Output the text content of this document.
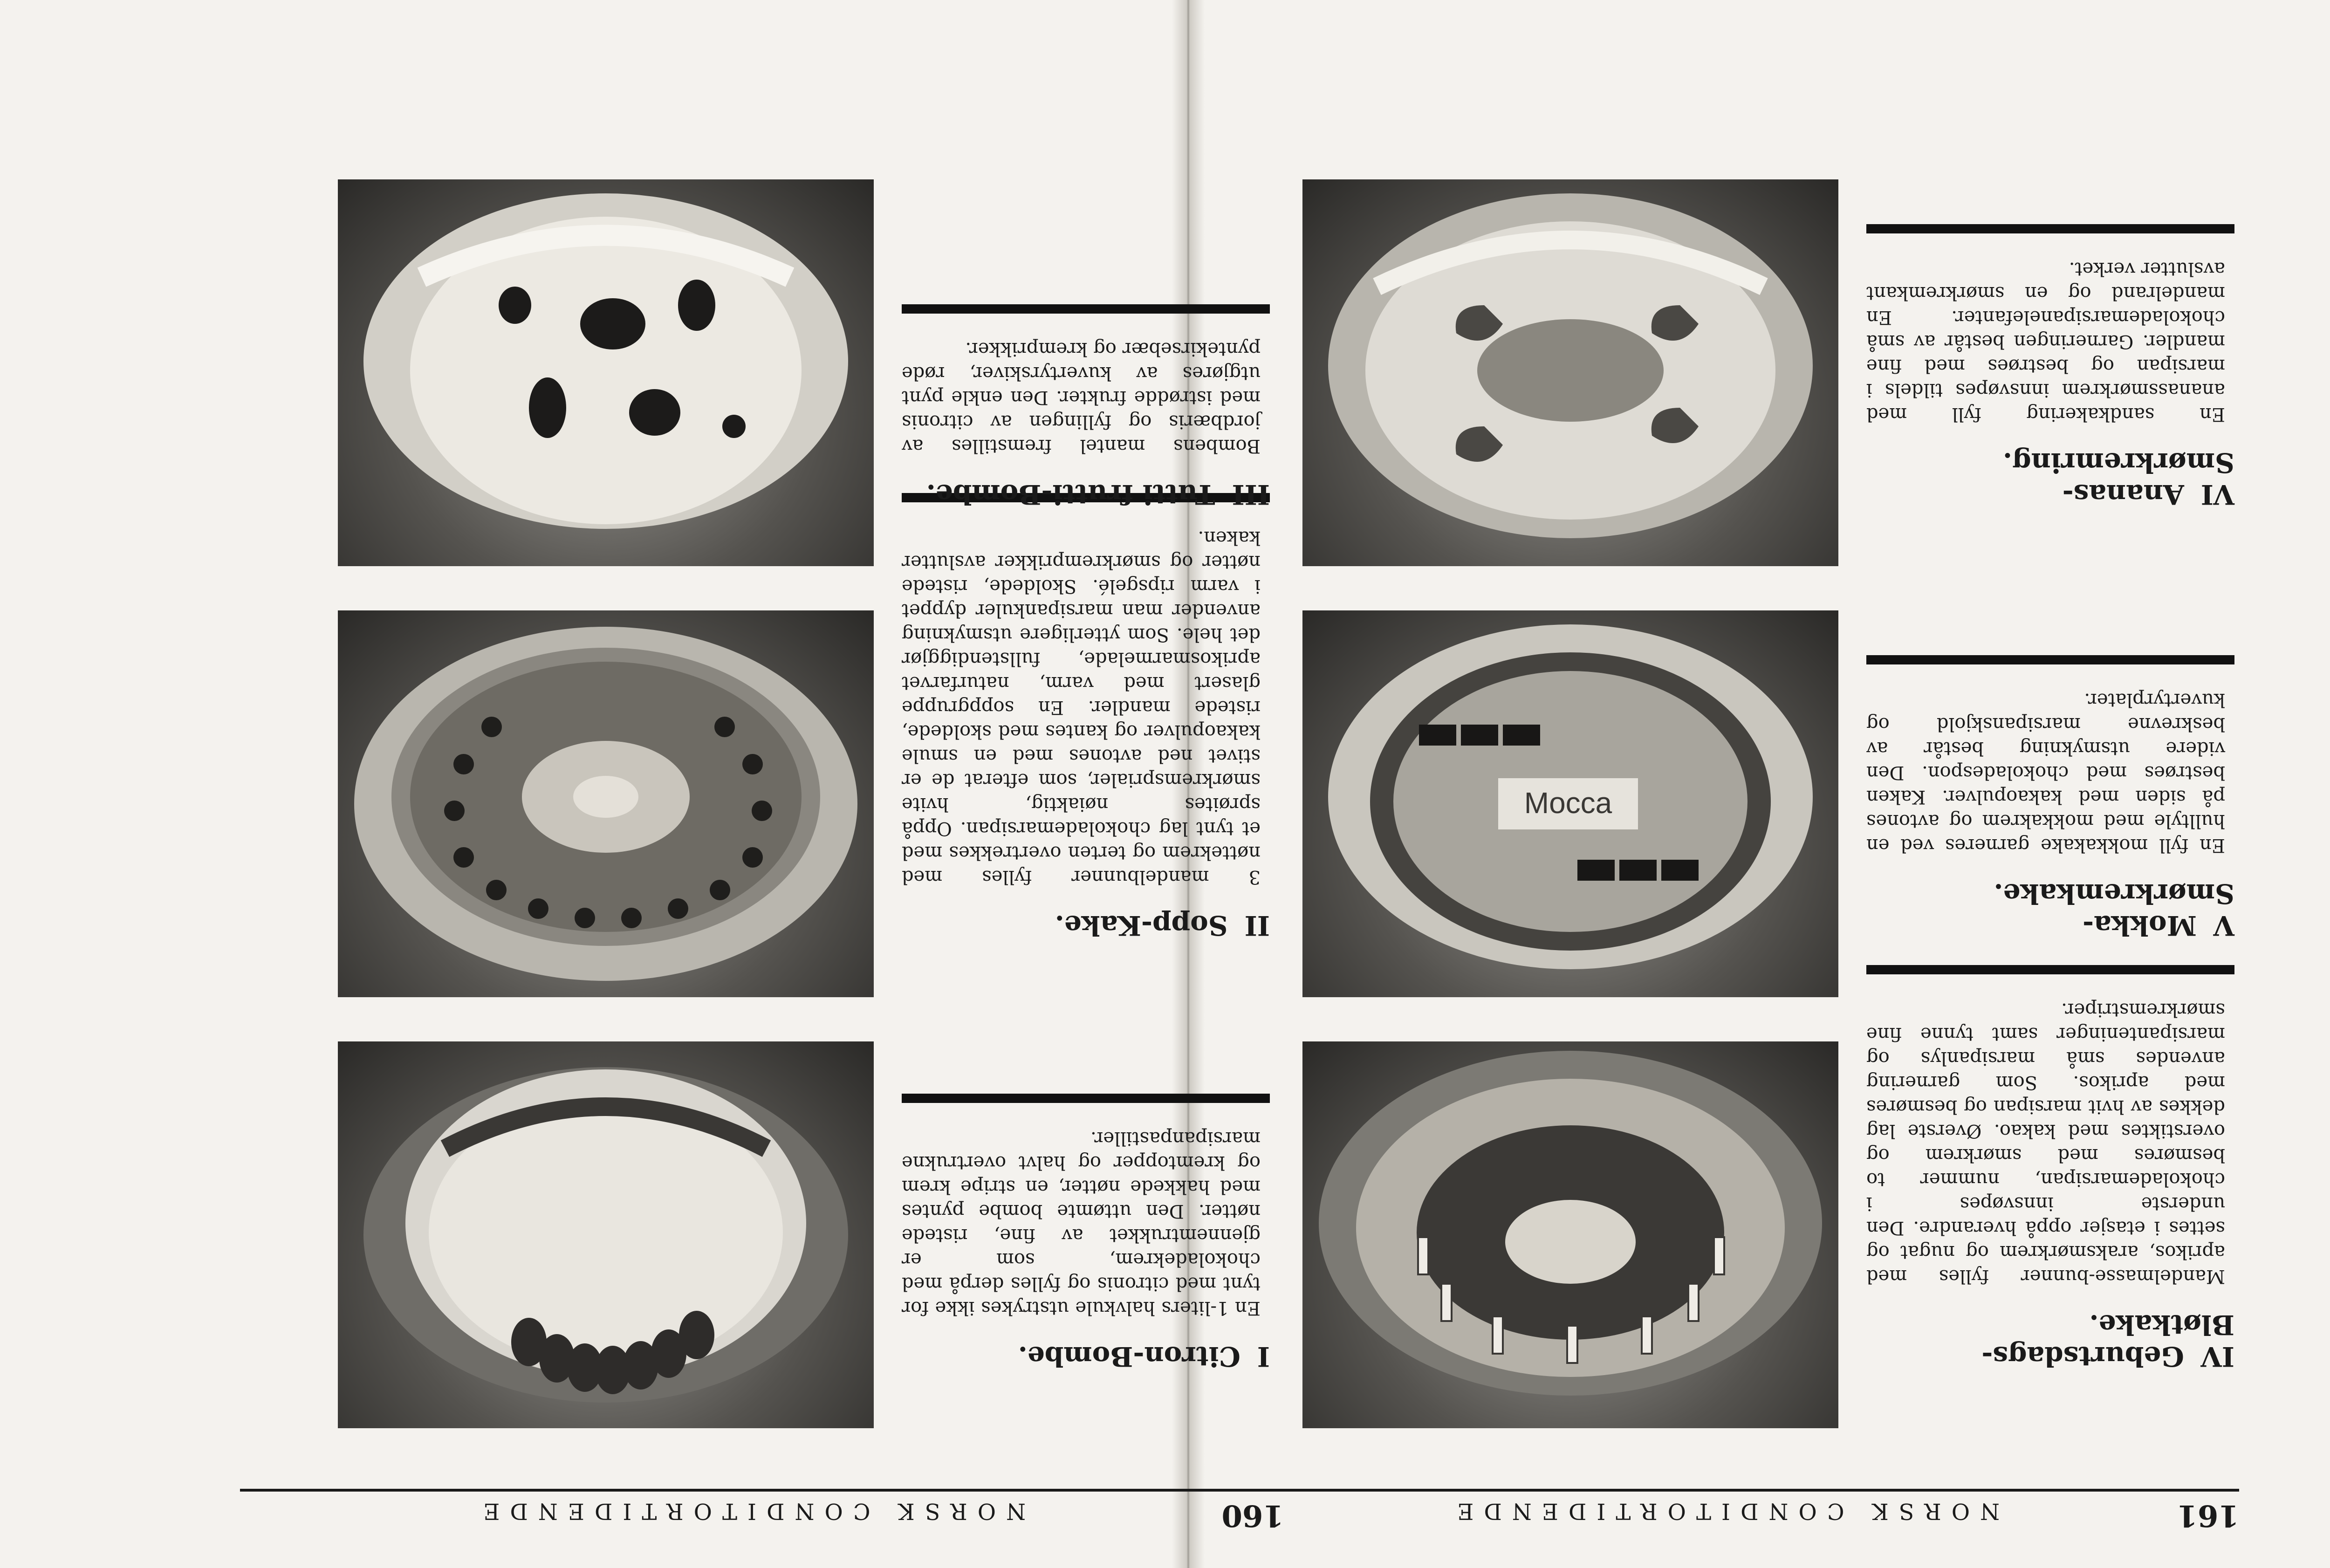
160
NORSK CONDITORTIDENDE
ICitron-Bombe.
En 1-liters halvkule utstrykes ikke for tynt med citronis og fylles derpå med chokoladekrem, som er gjennemtrukket av fine, ristede nøtter. Den uttømte bombe pyntes med hakkede nøtter, en stripe krem og kremtopper og halvt overtrukne marsipanpastiller.
IISopp-Kake.
3 mandelbunner fylles med nøttekrem og terten overtrekkes med et tynt lag chokolademarsipan. Oppå sprøites nøiaktig, hvite smørkremsprialer, som efterat de er stivet ned avtones med en smule kakaopulver og kantes med skoldede, ristede mandler. En soppgruppe glasert med varm, naturfarvet aprikosmarmelade, fullstendiggjør det hele. Som ytterligere utsmykning anvender man marsipankuler dyppet i varm ripsgelé. Skoldede, ristede nøtter og smørkremprikker avslutter kaken.
IIITutti frutti-Bombe.
Bombens mantel fremstilles av jordbæris og fyllingen av citronis med istrødde frukter. Den enkle pynt utgjøres av kuvertyrskiver, røde pyntekirsebær og kremprikker.
161
NORSK CONDITORTIDENDE
IVGeburtsdags-Bløtkake.
Mandelmasse-bunner fylles med aprikos, araksmørkrem og nugat og settes i etasjer oppå hverandre. Den underste innsvøpes i chokolademarsipan, nummer to besmøres med smørkrem og overstiktes med kakao. Øverste lag dekkes av hvit marsipan og besmøres med aprikos. Som garnering anvendes små marsipanlys og marsipanteninger samt tynne fine smørkremstriper.
VMokka-Smørkremkake.
En fyll mokkakake garneres ved en hulltyle med mokkakrem og avtones på siden med kakaopulver. Kaken bestrøes med chokoladespon. Den videre utsmykning består av beskrevne marsipanskjold og kuvertyrplater.
Mocca
VIAnanas-Smørkremring.
En sandkakering fyll med ananassmørkrem innsvøpes tildels i marsipan og bestrøes med fine mandler. Garneringen består av små chokolademarsipanelefanter. En mandelrand og en smørkremkant avslutter verket.
